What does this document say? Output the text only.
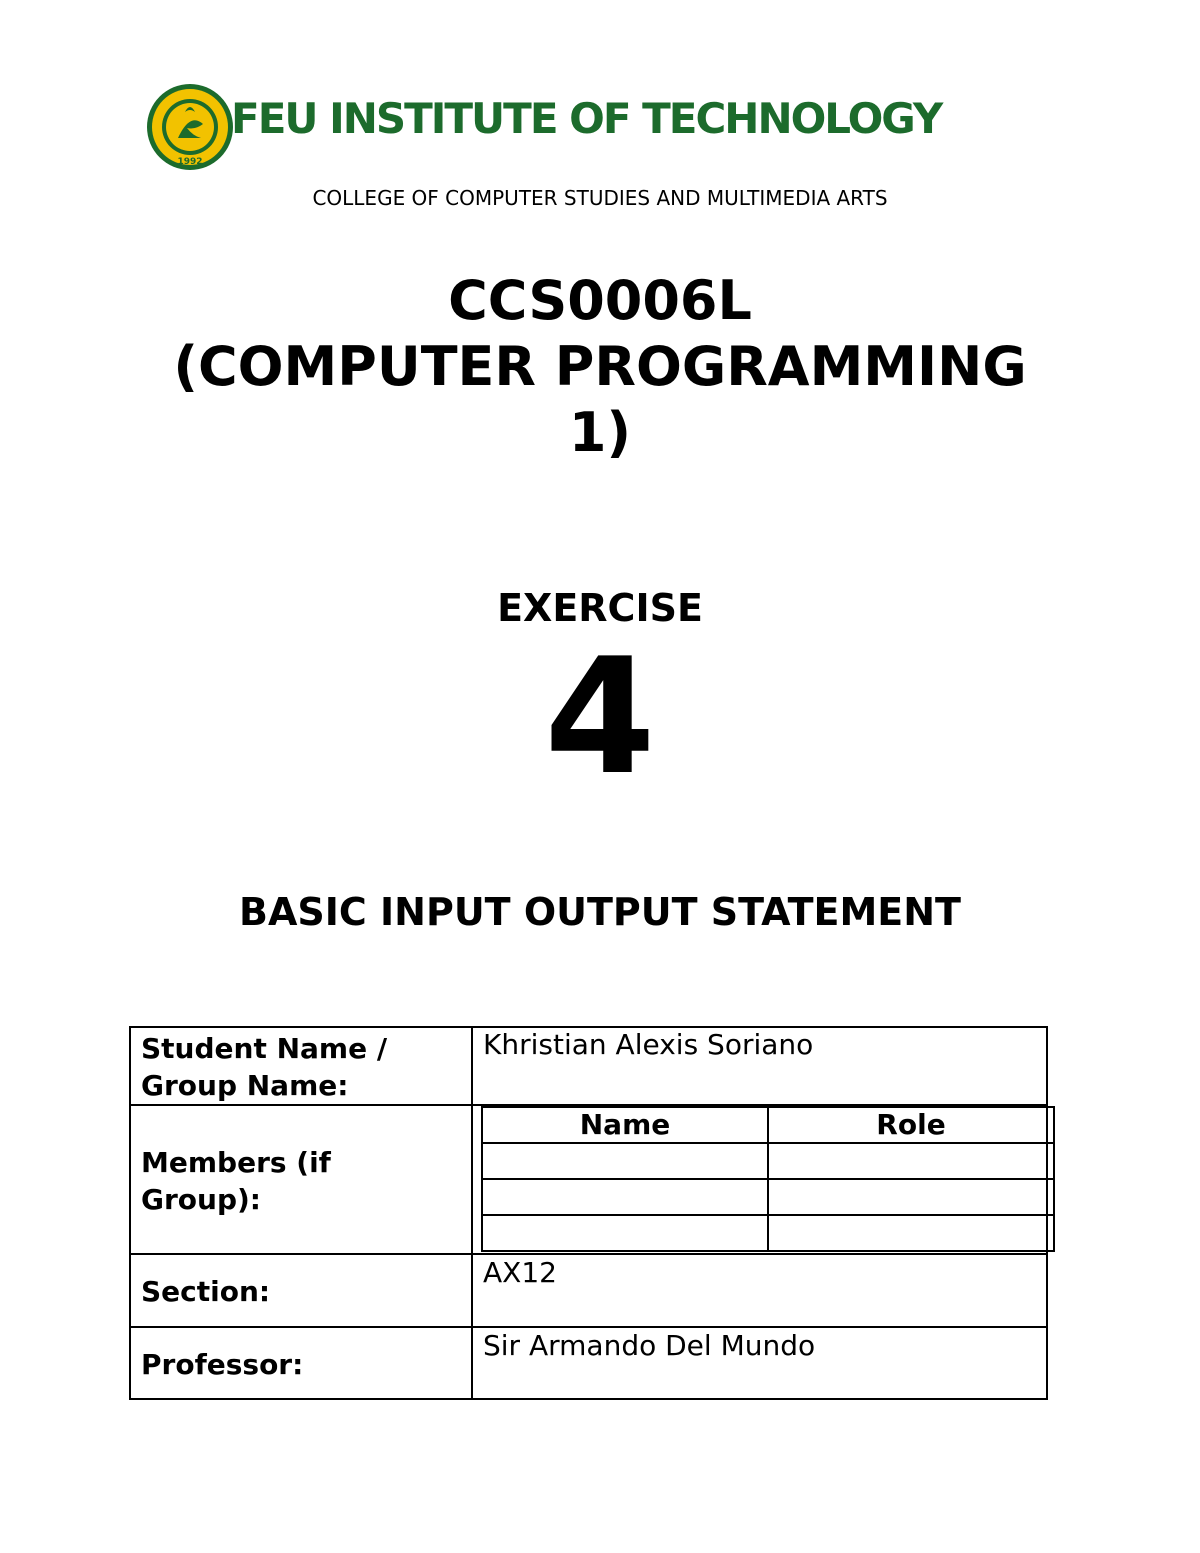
1992
FEU INSTITUTE OF TECHNOLOGY
COLLEGE OF COMPUTER STUDIES AND MULTIMEDIA ARTS
CCS0006L
(COMPUTER PROGRAMMING
1)
EXERCISE
4
BASIC INPUT OUTPUT STATEMENT
Student Name /
Group Name:
	Khristian Alexis Soriano

Members (if
Group):

Name	Role

Section:	AX12
Professor:	Sir Armando Del Mundo
